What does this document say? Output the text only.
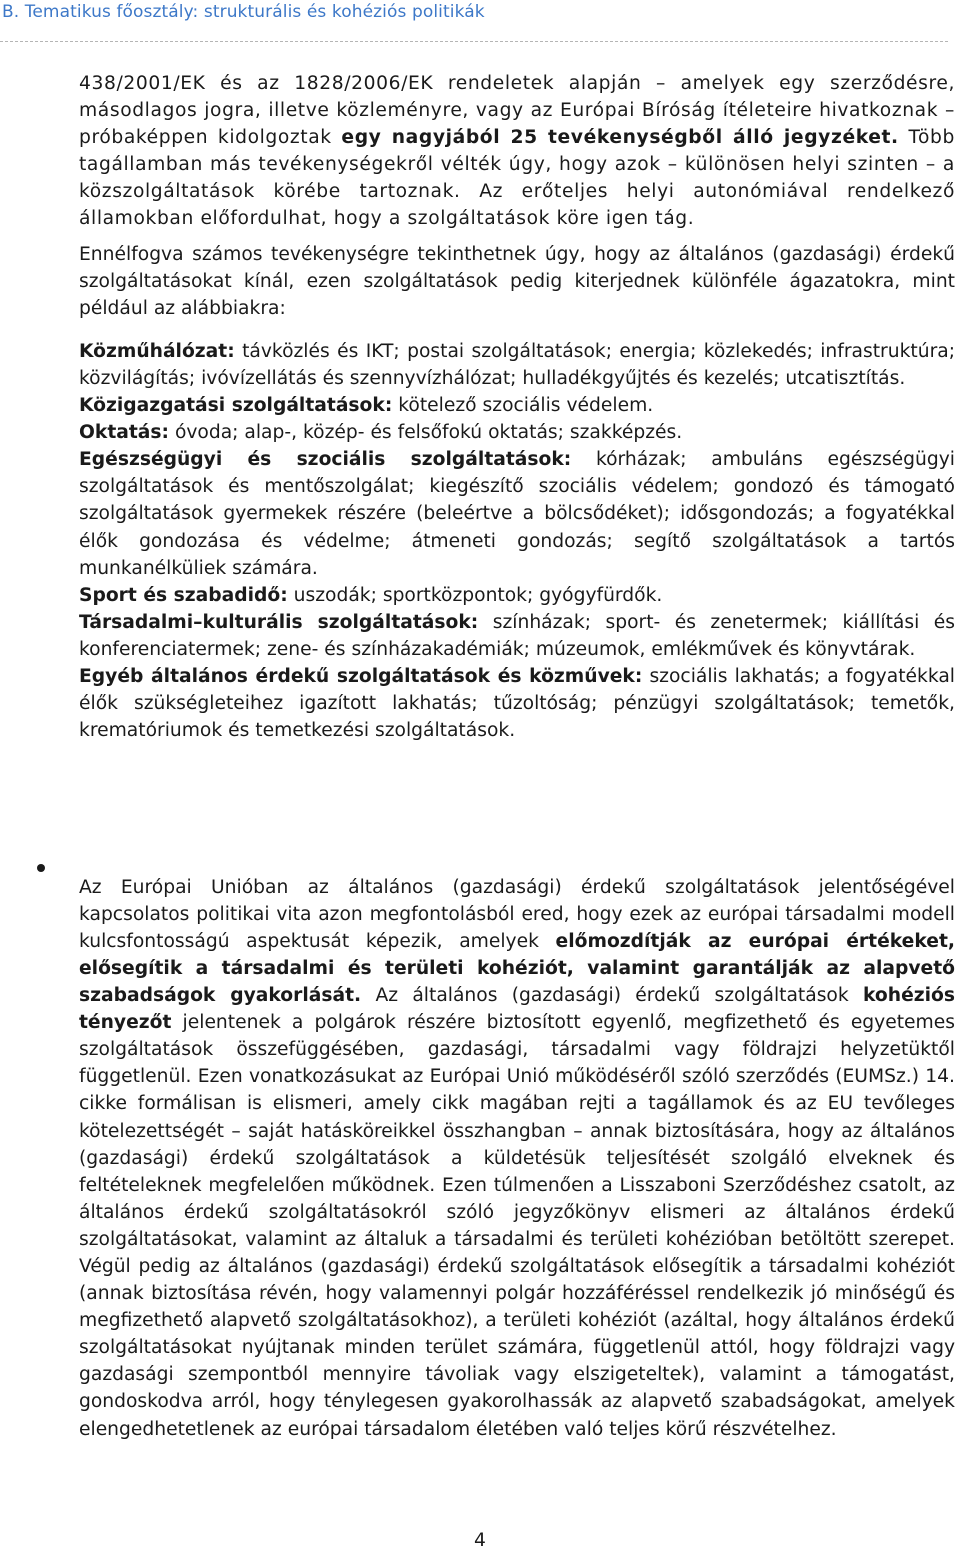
B. Tematikus főosztály: strukturális és kohéziós politikák

438/2001/EK és az 1828/2006/EK rendeletek alapján – amelyek egy szerződésre, másodlagos jogra, illetve közleményre, vagy az Európai Bíróság ítéleteire hivatkoznak – próbaképpen kidolgoztak egy nagyjából 25 tevékenységből álló jegyzéket. Több tagállamban más tevékenységekről vélték úgy, hogy azok – különösen helyi szinten – a közszolgáltatások körébe tartoznak. Az erőteljes helyi autonómiával rendelkező államokban előfordulhat, hogy a szolgáltatások köre igen tág.

Ennélfogva számos tevékenységre tekinthetnek úgy, hogy az általános (gazdasági) érdekű szolgáltatásokat kínál, ezen szolgáltatások pedig kiterjednek különféle ágazatokra, mint például az alábbiakra:

Közműhálózat: távközlés és IKT; postai szolgáltatások; energia; közlekedés; infrastruktúra; közvilágítás; ivóvízellátás és szennyvízhálózat; hulladékgyűjtés és kezelés; utcatisztítás.

Közigazgatási szolgáltatások: kötelező szociális védelem.

Oktatás: óvoda; alap-, közép- és felsőfokú oktatás; szakképzés.

Egészségügyi és szociális szolgáltatások: kórházak; ambuláns egészségügyi szolgáltatások és mentőszolgálat; kiegészítő szociális védelem; gondozó és támogató szolgáltatások gyermekek részére (beleértve a bölcsődéket); idősgondozás; a fogyatékkal élők gondozása és védelme; átmeneti gondozás; segítő szolgáltatások a tartós munkanélküliek számára.

Sport és szabadidő: uszodák; sportközpontok; gyógyfürdők.

Társadalmi–kulturális szolgáltatások: színházak; sport- és zenetermek; kiállítási és konferenciatermek; zene- és színházakadémiák; múzeumok, emlékművek és könyvtárak.

Egyéb általános érdekű szolgáltatások és közművek: szociális lakhatás; a fogyatékkal élők szükségleteihez igazított lakhatás; tűzoltóság; pénzügyi szolgáltatások; temetők, krematóriumok és temetkezési szolgáltatások.

Az Európai Unióban az általános (gazdasági) érdekű szolgáltatások jelentőségével kapcsolatos politikai vita azon megfontolásból ered, hogy ezek az európai társadalmi modell kulcsfontosságú aspektusát képezik, amelyek előmozdítják az európai értékeket, elősegítik a társadalmi és területi kohéziót, valamint garantálják az alapvető szabadságok gyakorlását. Az általános (gazdasági) érdekű szolgáltatások kohéziós tényezőt jelentenek a polgárok részére biztosított egyenlő, megfizethető és egyetemes szolgáltatások összefüggésében, gazdasági, társadalmi vagy földrajzi helyzetüktől függetlenül. Ezen vonatkozásukat az Európai Unió működéséről szóló szerződés (EUMSz.) 14. cikke formálisan is elismeri, amely cikk magában rejti a tagállamok és az EU tevőleges kötelezettségét – saját hatásköreikkel összhangban – annak biztosítására, hogy az általános (gazdasági) érdekű szolgáltatások a küldetésük teljesítését szolgáló elveknek és feltételeknek megfelelően működnek. Ezen túlmenően a Lisszaboni Szerződéshez csatolt, az általános érdekű szolgáltatásokról szóló jegyzőkönyv elismeri az általános érdekű szolgáltatásokat, valamint az általuk a társadalmi és területi kohézióban betöltött szerepet. Végül pedig az általános (gazdasági) érdekű szolgáltatások elősegítik a társadalmi kohéziót (annak biztosítása révén, hogy valamennyi polgár hozzáféréssel rendelkezik jó minőségű és megfizethető alapvető szolgáltatásokhoz), a területi kohéziót (azáltal, hogy általános érdekű szolgáltatásokat nyújtanak minden terület számára, függetlenül attól, hogy földrajzi vagy gazdasági szempontból mennyire távoliak vagy elszigeteltek), valamint a támogatást, gondoskodva arról, hogy ténylegesen gyakorolhassák az alapvető szabadságokat, amelyek elengedhetetlenek az európai társadalom életében való teljes körű részvételhez.

4
